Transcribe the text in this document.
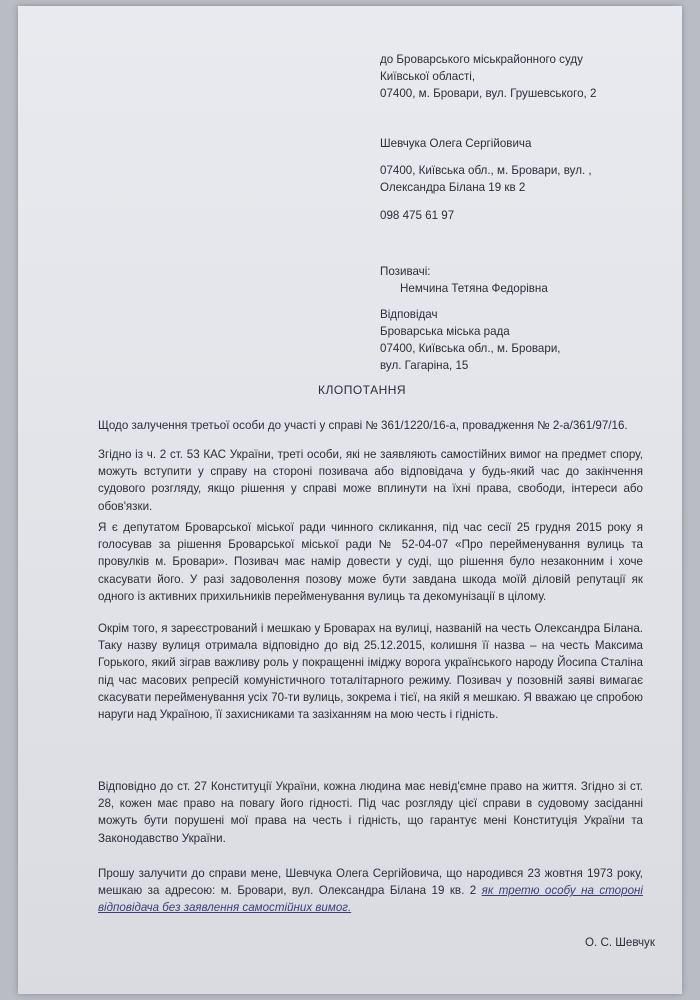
до Броварського міськрайонного суду
Київської області,
07400, м. Бровари, вул. Грушевського, 2
Шевчука Олега Сергійовича
07400, Київська обл., м. Бровари, вул. ,
Олександра Білана 19 кв 2
098 475 61 97
Позивачі:
Немчина Тетяна Федорівна
Відповідач
Броварська міська рада
07400, Київська обл., м. Бровари,
вул. Гагаріна, 15
КЛОПОТАННЯ

Щодо залучення третьої особи до участі у справі № 361/1220/16-а, провадження № 2-а/361/97/16.

Згідно із ч. 2 ст. 53 КАС України, треті особи, які не заявляють самостійних вимог на предмет спору, можуть вступити у справу на стороні позивача або відповідача у будь-який час до закінчення судового розгляду, якщо рішення у справі може вплинути на їхні права, свободи, інтереси або обов'язки.

Я є депутатом Броварської міської ради чинного скликання, під час сесії 25 грудня 2015 року я голосував за рішення Броварської міської ради № 52-04-07 «Про перейменування вулиць та провулків м. Бровари». Позивач має намір довести у суді, що рішення було незаконним і хоче скасувати його. У разі задоволення позову може бути завдана шкода моїй діловій репутації як одного із активних прихильників перейменування вулиць та декомунізації в цілому.

Окрім того, я зареєстрований і мешкаю у Броварах на вулиці, названій на честь Олександра Білана. Таку назву вулиця отримала відповідно до від 25.12.2015, колишня її назва – на честь Максима Горького, який зіграв важливу роль у покращенні іміджу ворога українського народу Йосипа Сталіна під час масових репресій комуністичного тоталітарного режиму. Позивач у позовній заяві вимагає скасувати перейменування усіх 70-ти вулиць, зокрема і тієї, на якій я мешкаю. Я вважаю це спробою наруги над Україною, її захисниками та зазіханням на мою честь і гідність.

Відповідно до ст. 27 Конституції України, кожна людина має невід'ємне право на життя. Згідно зі ст. 28, кожен має право на повагу його гідності. Під час розгляду цієї справи в судовому засіданні можуть бути порушені мої права на честь і гідність, що гарантує мені Конституція України та Законодавство України.

Прошу залучити до справи мене, Шевчука Олега Сергійовича, що народився 23 жовтня 1973 року, мешкаю за адресою: м. Бровари, вул. Олександра Білана 19 кв. 2 як третю особу на стороні відповідача без заявлення самостійних вимог.

О. С. Шевчук
